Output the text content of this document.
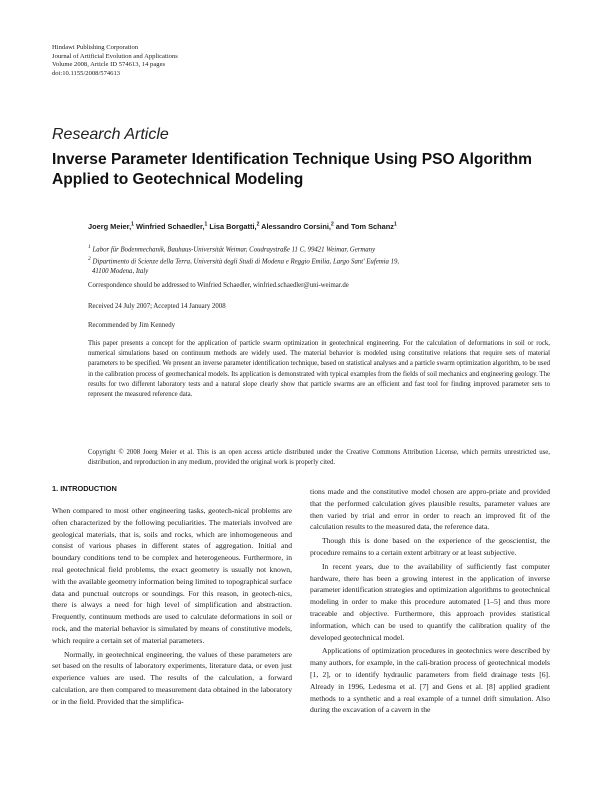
Hindawi Publishing Corporation
Journal of Artificial Evolution and Applications
Volume 2008, Article ID 574613, 14 pages
doi:10.1155/2008/574613
Research Article
Inverse Parameter Identification Technique Using PSO Algorithm Applied to Geotechnical Modeling
Joerg Meier,$^1$ Winfried Schaedler,$^1$ Lisa Borgatti,$^2$ Alessandro Corsini,$^2$ and Tom Schanz$^1$
$^1$ Labor für Bodenmechanik, Bauhaus-Universität Weimar, Coudraystraße 11 C, 99421 Weimar, Germany
$^2$ Dipartimento di Scienze della Terra, Università degli Studi di Modena e Reggio Emilia, Largo Sant' Eufemia 19,
41100 Modena, Italy
Correspondence should be addressed to Winfried Schaedler, winfried.schaedler@uni-weimar.de
Received 24 July 2007; Accepted 14 January 2008
Recommended by Jim Kennedy
This paper presents a concept for the application of particle swarm optimization in geotechnical engineering. For the calculation of deformations in soil or rock, numerical simulations based on continuum methods are widely used. The material behavior is modeled using constitutive relations that require sets of material parameters to be specified. We present an inverse parameter identification technique, based on statistical analyses and a particle swarm optimization algorithm, to be used in the calibration process of geomechanical models. Its application is demonstrated with typical examples from the fields of soil mechanics and engineering geology. The results for two different laboratory tests and a natural slope clearly show that particle swarms are an efficient and fast tool for finding improved parameter sets to represent the measured reference data.
Copyright © 2008 Joerg Meier et al. This is an open access article distributed under the Creative Commons Attribution License, which permits unrestricted use, distribution, and reproduction in any medium, provided the original work is properly cited.
1. INTRODUCTION

When compared to most other engineering tasks, geotech-nical problems are often characterized by the following peculiarities. The materials involved are geological materials, that is, soils and rocks, which are inhomogeneous and consist of various phases in different states of aggregation. Initial and boundary conditions tend to be complex and heterogeneous. Furthermore, in real geotechnical field problems, the exact geometry is usually not known, with the available geometry information being limited to topographical surface data and punctual outcrops or soundings. For this reason, in geotech-nics, there is always a need for high level of simplification and abstraction. Frequently, continuum methods are used to calculate deformations in soil or rock, and the material behavior is simulated by means of constitutive models, which require a certain set of material parameters.

Normally, in geotechnical engineering, the values of these parameters are set based on the results of laboratory experiments, literature data, or even just experience values are used. The results of the calculation, a forward calculation, are then compared to measurement data obtained in the laboratory or in the field. Provided that the simplifica-

tions made and the constitutive model chosen are appro-priate and provided that the performed calculation gives plausible results, parameter values are then varied by trial and error in order to reach an improved fit of the calculation results to the measured data, the reference data.

Though this is done based on the experience of the geoscientist, the procedure remains to a certain extent arbitrary or at least subjective.

In recent years, due to the availability of sufficiently fast computer hardware, there has been a growing interest in the application of inverse parameter identification strategies and optimization algorithms to geotechnical modeling in order to make this procedure automated [1–5] and thus more traceable and objective. Furthermore, this approach provides statistical information, which can be used to quantify the calibration quality of the developed geotechnical model.

Applications of optimization procedures in geotechnics were described by many authors, for example, in the cali-bration process of geotechnical models [1, 2], or to identify hydraulic parameters from field drainage tests [6]. Already in 1996, Ledesma et al. [7] and Gens et al. [8] applied gradient methods to a synthetic and a real example of a tunnel drift simulation. Also during the excavation of a cavern in the
